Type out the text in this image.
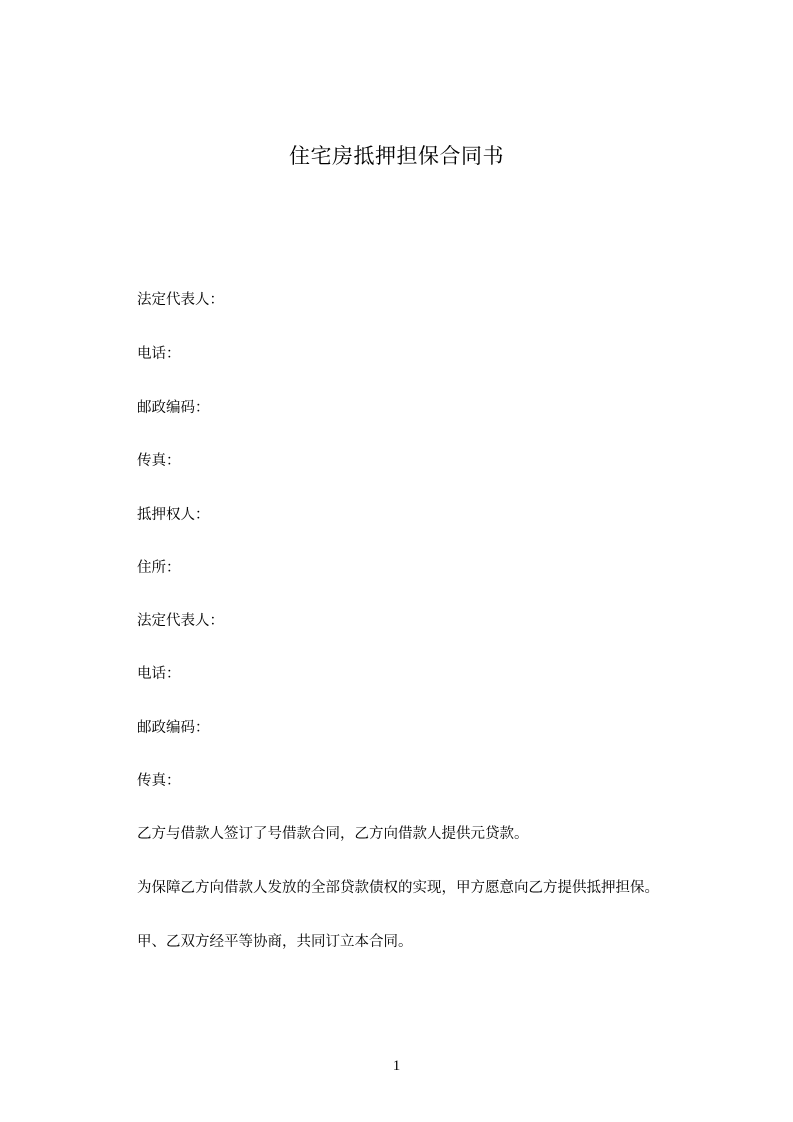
住宅房抵押担保合同书
法定代表人：
电话：
邮政编码：
传真：
抵押权人：
住所：
法定代表人：
电话：
邮政编码：
传真：
乙方与借款人签订了号借款合同，乙方向借款人提供元贷款。
为保障乙方向借款人发放的全部贷款债权的实现，甲方愿意向乙方提供抵押担保。
甲、乙双方经平等协商，共同订立本合同。
1
